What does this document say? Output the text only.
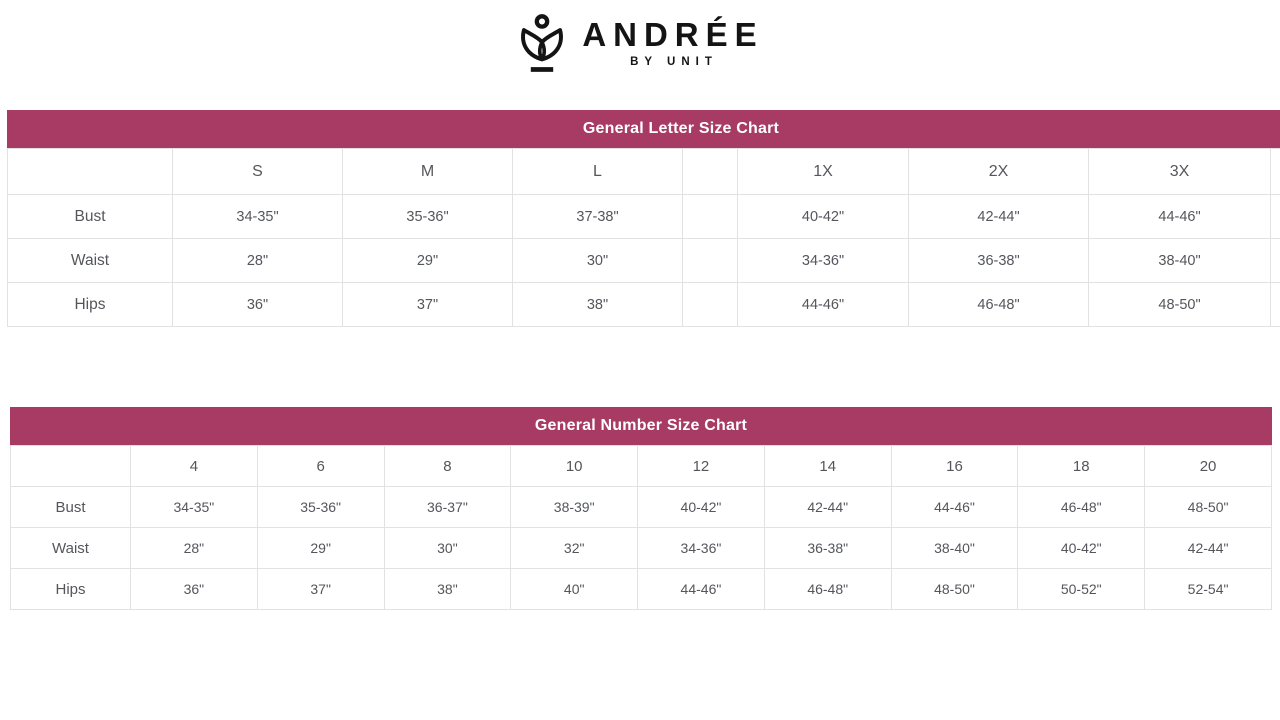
ANDRÉE
BY UNIT
General Letter Size Chart
	S	M	L		1X	2X	3X	
Bust	34-35"	35-36"	37-38"		40-42"	42-44"	44-46"	
Waist	28"	29"	30"		34-36"	36-38"	38-40"	
Hips	36"	37"	38"		44-46"	46-48"	48-50"	
General Number Size Chart
	4	6	8	10	12	14	16	18	20
Bust	34-35"	35-36"	36-37"	38-39"	40-42"	42-44"	44-46"	46-48"	48-50"
Waist	28"	29"	30"	32"	34-36"	36-38"	38-40"	40-42"	42-44"
Hips	36"	37"	38"	40"	44-46"	46-48"	48-50"	50-52"	52-54"
